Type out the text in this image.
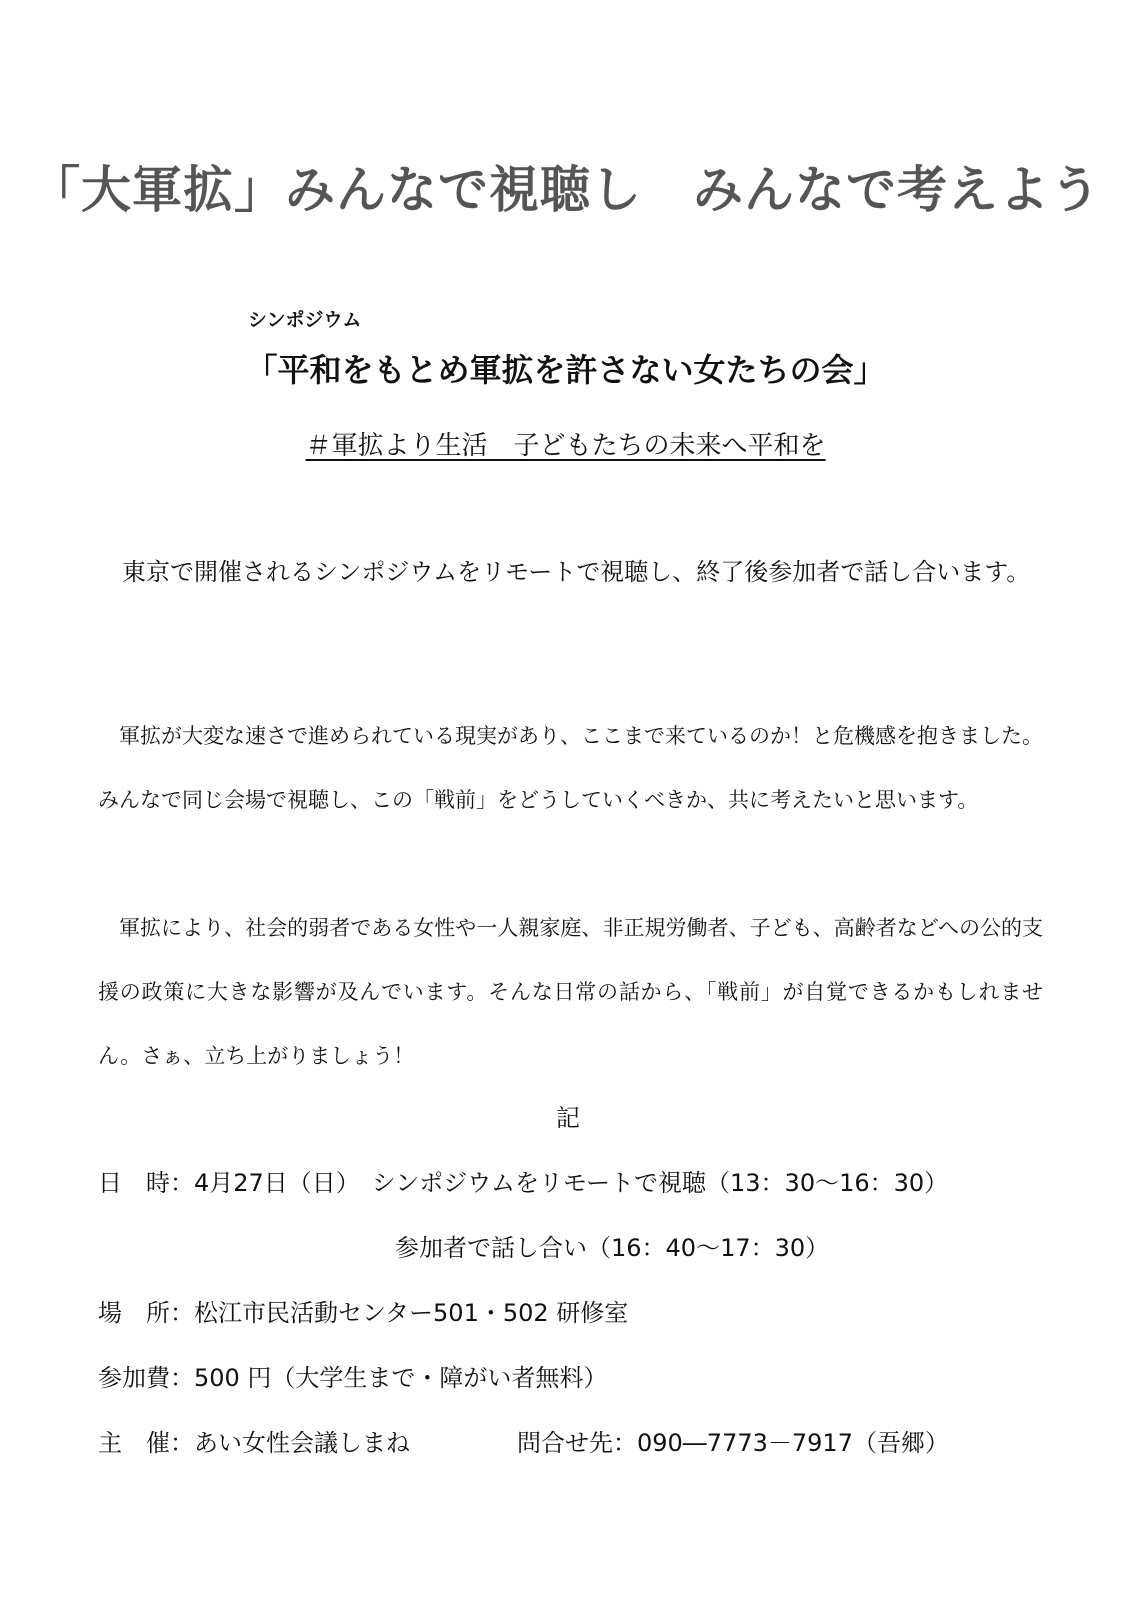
「大軍拡」みんなで視聴し　みんなで考えよう
シンポジウム
「平和をもとめ軍拡を許さない女たちの会」
＃軍拡より生活　子どもたちの未来へ平和を
東京で開催されるシンポジウムをリモートで視聴し、終了後参加者で話し合います。
軍拡が大変な速さで進められている現実があり、ここまで来ているのか！と危機感を抱きました。みんなで同じ会場で視聴し、この「戦前」をどうしていくべきか、共に考えたいと思います。
軍拡により、社会的弱者である女性や一人親家庭、非正規労働者、子ども、高齢者などへの公的支援の政策に大きな影響が及んでいます。そんな日常の話から、「戦前」が自覚できるかもしれません。さぁ、立ち上がりましょう！
記
日　時：4月27日（日）　シンポジウムをリモートで視聴（13：30～16：30）
参加者で話し合い（16：40～17：30）
場　所：松江市民活動センター501・502 研修室
参加費：500 円（大学生まで・障がい者無料）
主　催：あい女性会議しまね	問合せ先：090―7773－7917（吾郷）
